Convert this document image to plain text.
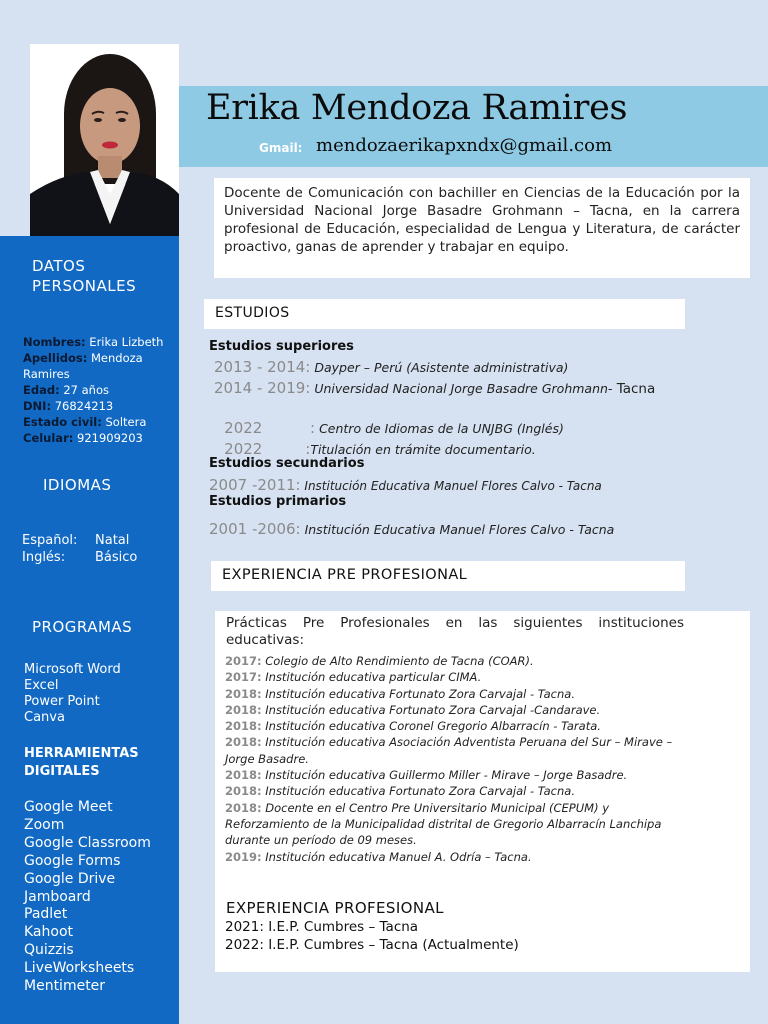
DATOS
PERSONALES
Nombres: Erika Lizbeth
Apellidos: Mendoza Ramires
Edad: 27 años
DNI: 76824213
Estado civil: Soltera
Celular: 921909203
IDIOMAS
Español: Natal
Inglés: Básico
PROGRAMAS
Microsoft Word
Excel
Power Point
Canva
HERRAMIENTAS
DIGITALES
Google Meet
Zoom
Google Classroom
Google Forms
Google Drive
Jamboard
Padlet
Kahoot
Quizzis
LiveWorksheets
Mentimeter
Erika Mendoza Ramires
Gmail: mendozaerikapxndx@gmail.com

Docente de Comunicación con bachiller en Ciencias de la Educación por la Universidad Nacional Jorge Basadre Grohmann – Tacna, en la carrera profesional de Educación, especialidad de Lengua y Literatura, de carácter proactivo, ganas de aprender y trabajar en equipo.

ESTUDIOS
Estudios superiores
2013 - 2014: Dayper – Perú (Asistente administrativa)
2014 - 2019: Universidad Nacional Jorge Basadre Grohmann- Tacna

2022          : Centro de Idiomas de la UNJBG (Inglés)

2022         :Titulación en trámite documentario.

Estudios secundarios
2007 -2011: Institución Educativa Manuel Flores Calvo - Tacna
Estudios primarios
2001 -2006: Institución Educativa Manuel Flores Calvo - Tacna
EXPERIENCIA PRE PROFESIONAL
Prácticas Pre Profesionales en las siguientes instituciones educativas:
2017: Colegio de Alto Rendimiento de Tacna (COAR).
2017: Institución educativa particular CIMA.
2018: Institución educativa Fortunato Zora Carvajal - Tacna.
2018: Institución educativa Fortunato Zora Carvajal -Candarave.
2018: Institución educativa Coronel Gregorio Albarracín - Tarata.
2018: Institución educativa Asociación Adventista Peruana del Sur – Mirave – Jorge Basadre.
2018: Institución educativa Guillermo Miller - Mirave – Jorge Basadre.
2018: Institución educativa Fortunato Zora Carvajal - Tacna.
2018: Docente en el Centro Pre Universitario Municipal (CEPUM) y Reforzamiento de la Municipalidad distrital de Gregorio Albarracín Lanchipa durante un período de 09 meses.
2019: Institución educativa Manuel A. Odría – Tacna.
EXPERIENCIA PROFESIONAL
2021: I.E.P. Cumbres – Tacna
2022: I.E.P. Cumbres – Tacna (Actualmente)
